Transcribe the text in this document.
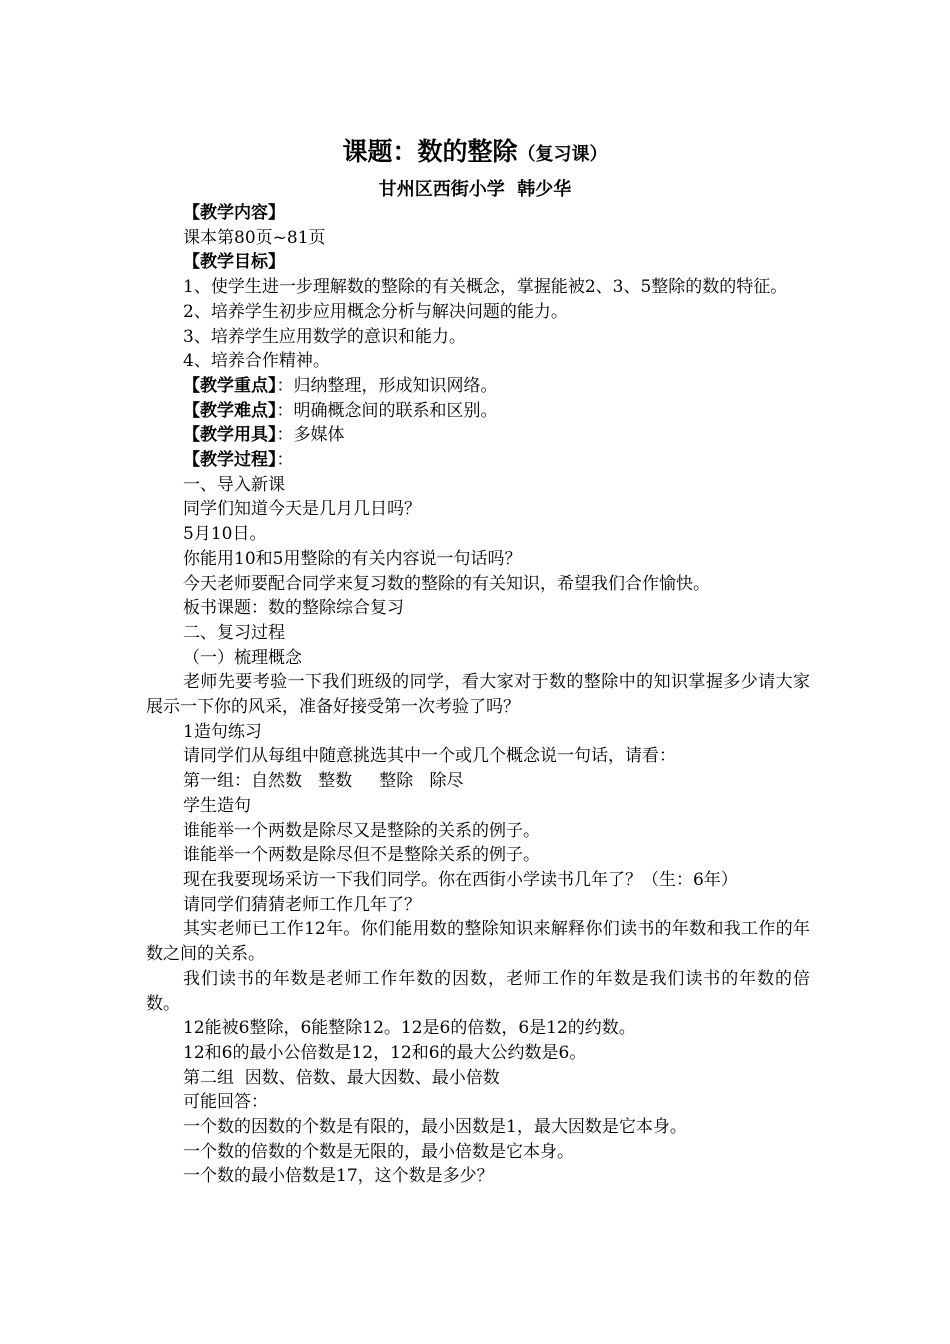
课题：数的整除（复习课）
甘州区西街小学  韩少华
【教学内容】
课本第80页~81页
【教学目标】
1、使学生进一步理解数的整除的有关概念，掌握能被2、3、5整除的数的特征。
2、培养学生初步应用概念分析与解决问题的能力。
3、培养学生应用数学的意识和能力。
4、培养合作精神。
【教学重点】：归纳整理，形成知识网络。
【教学难点】：明确概念间的联系和区别。
【教学用具】：多媒体
【教学过程】：
一、导入新课
同学们知道今天是几月几日吗？
5月10日。
你能用10和5用整除的有关内容说一句话吗？
今天老师要配合同学来复习数的整除的有关知识，希望我们合作愉快。
板书课题：数的整除综合复习
二、复习过程
（一）梳理概念
老师先要考验一下我们班级的同学，看大家对于数的整除中的知识掌握多少请大家展示一下你的风采，准备好接受第一次考验了吗？
1造句练习
请同学们从每组中随意挑选其中一个或几个概念说一句话，请看：
第一组：自然数   整数     整除   除尽
学生造句
谁能举一个两数是除尽又是整除的关系的例子。
谁能举一个两数是除尽但不是整除关系的例子。
现在我要现场采访一下我们同学。你在西街小学读书几年了？（生：6年）
请同学们猜猜老师工作几年了？
其实老师已工作12年。你们能用数的整除知识来解释你们读书的年数和我工作的年数之间的关系。
我们读书的年数是老师工作年数的因数，老师工作的年数是我们读书的年数的倍数。
12能被6整除，6能整除12。12是6的倍数，6是12的约数。
12和6的最小公倍数是12，12和6的最大公约数是6。
第二组  因数、倍数、最大因数、最小倍数
可能回答：
一个数的因数的个数是有限的，最小因数是1，最大因数是它本身。
一个数的倍数的个数是无限的，最小倍数是它本身。
一个数的最小倍数是17，这个数是多少？
